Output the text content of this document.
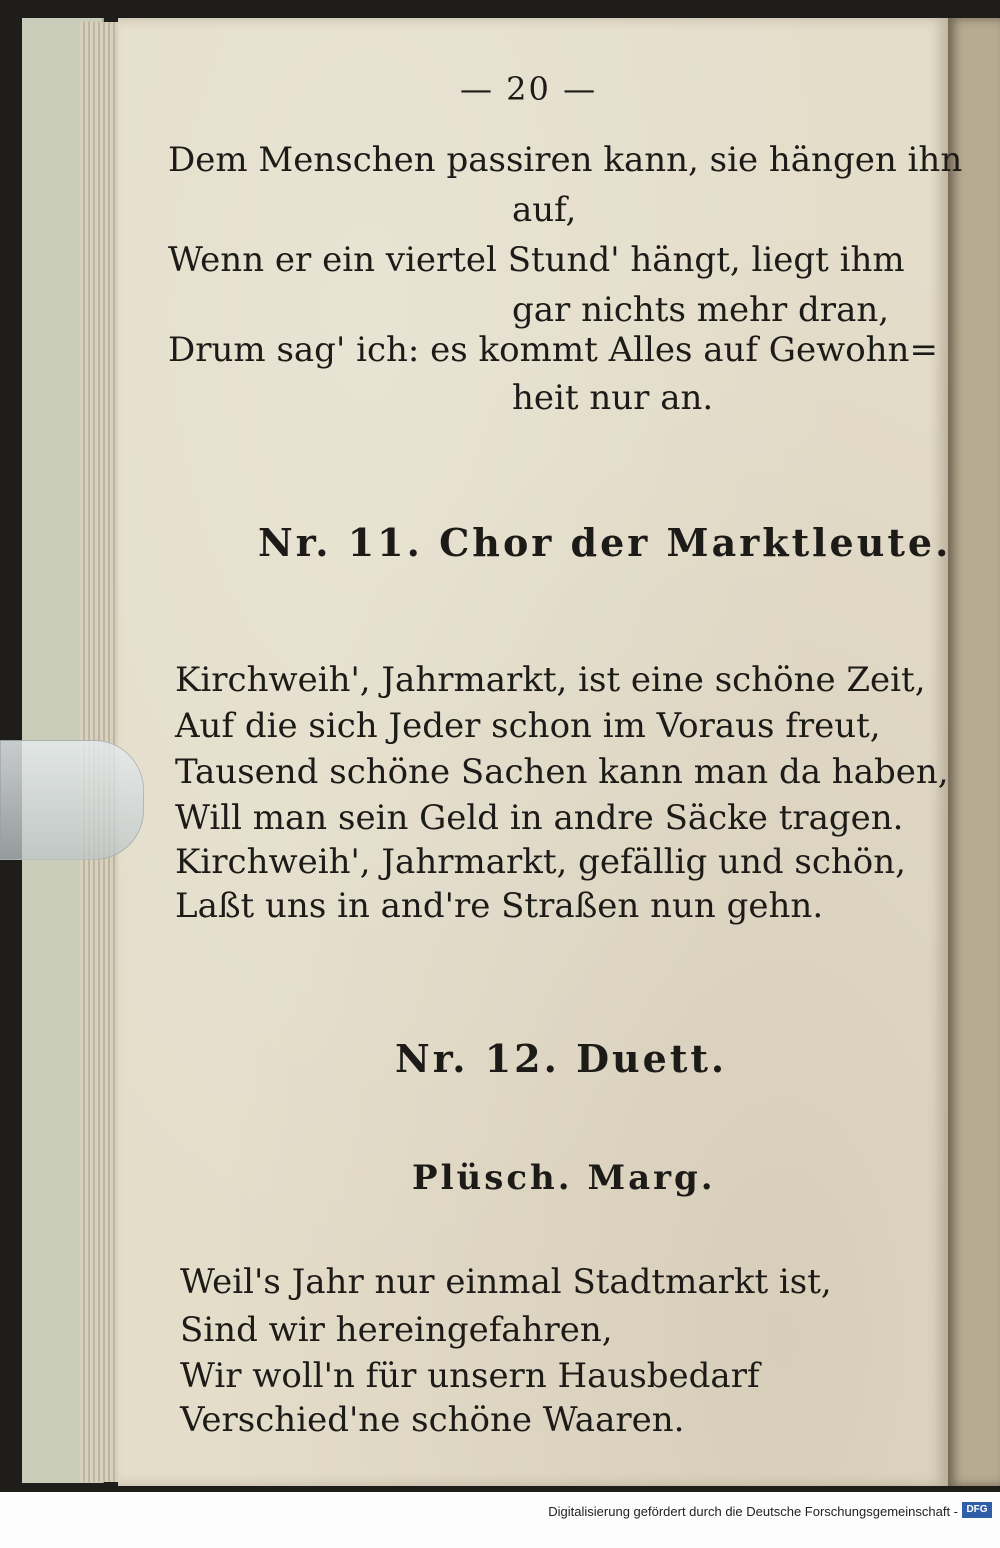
— 20 —
Dem Menschen passiren kann, sie hängen ihn
auf,
Wenn er ein viertel Stund' hängt, liegt ihm
gar nichts mehr dran,
Drum sag' ich: es kommt Alles auf Gewohn=
heit nur an.
Nr. 11. Chor der Marktleute.
Kirchweih', Jahrmarkt, ist eine schöne Zeit,
Auf die sich Jeder schon im Voraus freut,
Tausend schöne Sachen kann man da haben,
Will man sein Geld in andre Säcke tragen.
Kirchweih', Jahrmarkt, gefällig und schön,
Laßt uns in and're Straßen nun gehn.
Nr. 12. Duett.
Plüsch. Marg.
Weil's Jahr nur einmal Stadtmarkt ist,
Sind wir hereingefahren,
Wir woll'n für unsern Hausbedarf
Verschied'ne schöne Waaren.
Digitalisierung gefördert durch die Deutsche Forschungsgemeinschaft - DFG
